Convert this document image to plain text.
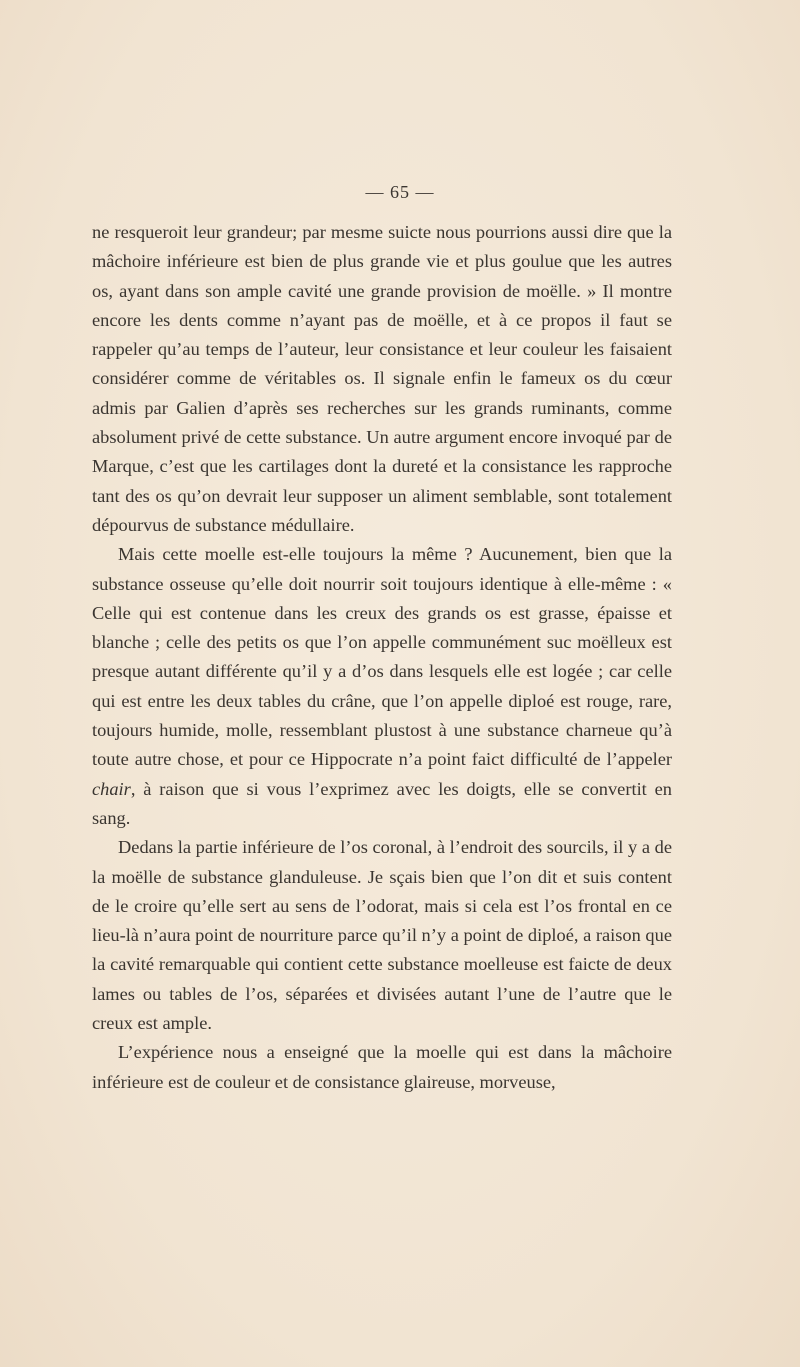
— 65 —

ne resqueroit leur grandeur; par mesme suicte nous pourrions aussi dire que la mâchoire inférieure est bien de plus grande vie et plus goulue que les autres os, ayant dans son ample cavité une grande provision de moëlle. » Il montre encore les dents comme n’ayant pas de moëlle, et à ce propos il faut se rappeler qu’au temps de l’auteur, leur consistance et leur couleur les faisaient considérer comme de véritables os. Il signale enfin le fameux os du cœur admis par Galien d’après ses recherches sur les grands ruminants, comme absolument privé de cette substance. Un autre argument encore invoqué par de Marque, c’est que les cartilages dont la dureté et la consistance les rapproche tant des os qu’on devrait leur supposer un aliment semblable, sont totalement dépourvus de substance médullaire.

Mais cette moelle est-elle toujours la même ? Aucunement, bien que la substance osseuse qu’elle doit nourrir soit toujours identique à elle-même : « Celle qui est contenue dans les creux des grands os est grasse, épaisse et blanche ; celle des petits os que l’on appelle communément suc moëlleux est presque autant différente qu’il y a d’os dans lesquels elle est logée ; car celle qui est entre les deux tables du crâne, que l’on appelle diploé est rouge, rare, toujours humide, molle, ressemblant plustost à une substance charneue qu’à toute autre chose, et pour ce Hippocrate n’a point faict difficulté de l’appeler chair, à raison que si vous l’exprimez avec les doigts, elle se convertit en sang.

Dedans la partie inférieure de l’os coronal, à l’endroit des sourcils, il y a de la moëlle de substance glanduleuse. Je sçais bien que l’on dit et suis content de le croire qu’elle sert au sens de l’odorat, mais si cela est l’os frontal en ce lieu-là n’aura point de nourriture parce qu’il n’y a point de diploé, a raison que la cavité remarquable qui contient cette substance moelleuse est faicte de deux lames ou tables de l’os, séparées et divisées autant l’une de l’autre que le creux est ample.

L’expérience nous a enseigné que la moelle qui est dans la mâchoire inférieure est de couleur et de consistance glaireuse, morveuse,
